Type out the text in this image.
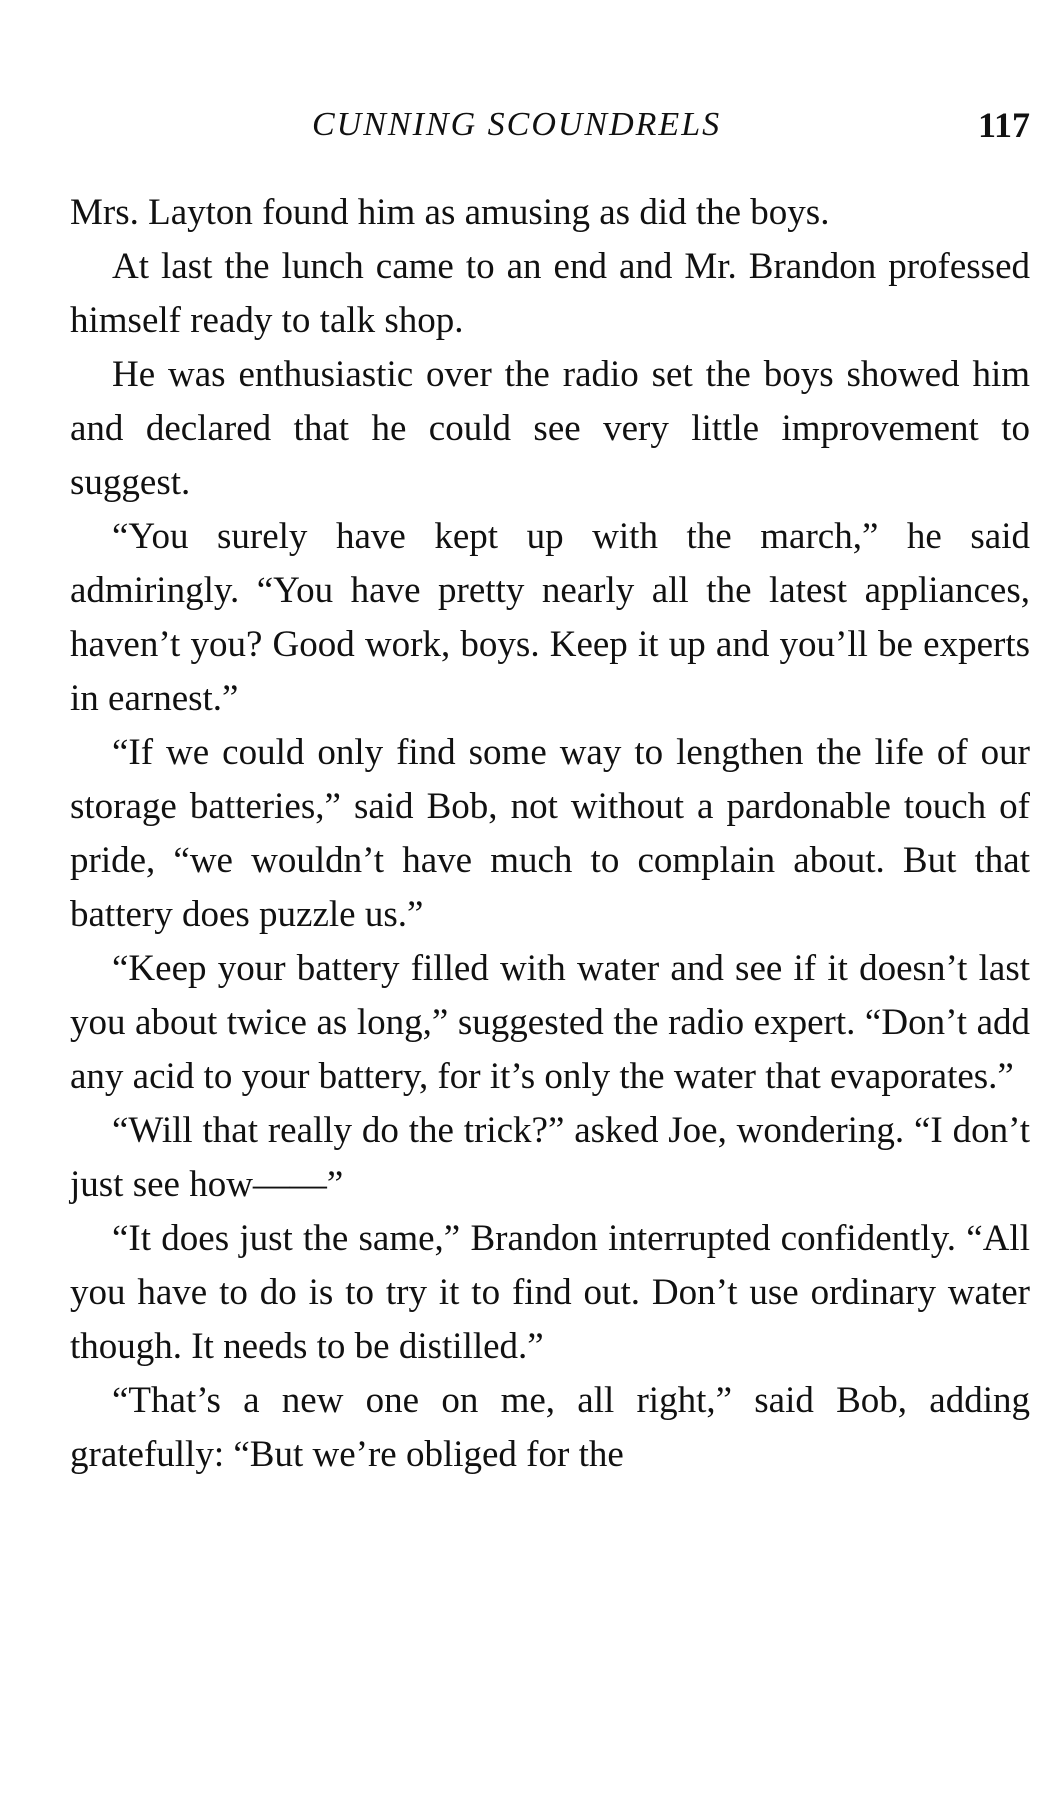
CUNNING SCOUNDRELS	117

Mrs. Layton found him as amusing as did the boys.

At last the lunch came to an end and Mr. Brandon professed himself ready to talk shop.

He was enthusiastic over the radio set the boys showed him and declared that he could see very little improvement to suggest.

“You surely have kept up with the march,” he said admiringly. “You have pretty nearly all the latest appliances, haven’t you? Good work, boys. Keep it up and you’ll be experts in earnest.”

“If we could only find some way to lengthen the life of our storage batteries,” said Bob, not without a pardonable touch of pride, “we wouldn’t have much to complain about. But that battery does puzzle us.”

“Keep your battery filled with water and see if it doesn’t last you about twice as long,” suggested the radio expert. “Don’t add any acid to your battery, for it’s only the water that evaporates.”

“Will that really do the trick?” asked Joe, wondering. “I don’t just see how——”

“It does just the same,” Brandon interrupted confidently. “All you have to do is to try it to find out. Don’t use ordinary water though. It needs to be distilled.”

“That’s a new one on me, all right,” said Bob, adding gratefully: “But we’re obliged for the
